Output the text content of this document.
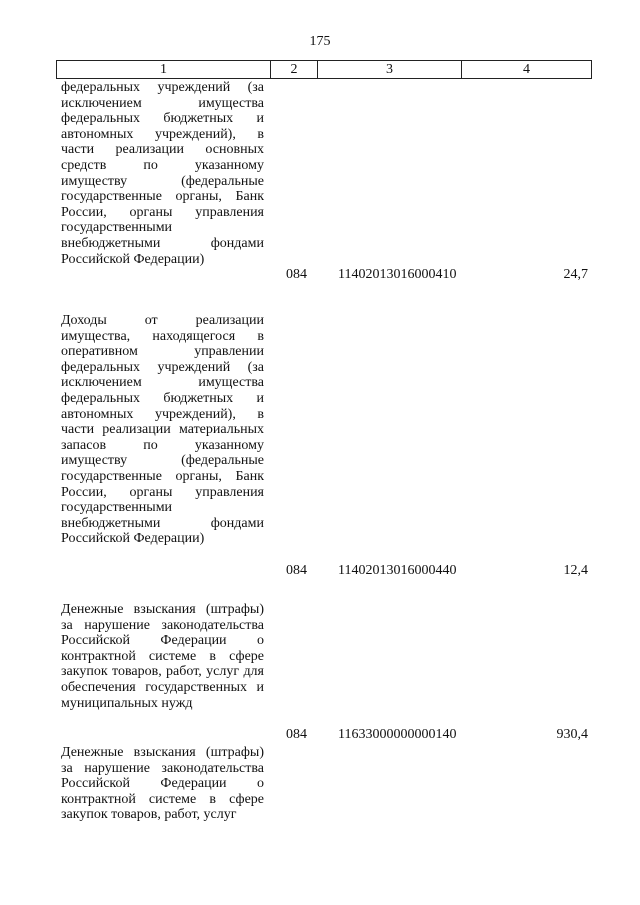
175
1	2	3	4
федеральных учреждений (за исключением имущества федеральных бюджетных и автономных учреждений), в части реализации основных средств по указанному имуществу (федеральные государственные органы, Банк России, органы управления государственными внебюджетными фондами Российской Федерации)
084	11402013016000410	24,7
Доходы от реализации имущества, находящегося в оперативном управлении федеральных учреждений (за исключением имущества федеральных бюджетных и автономных учреждений), в части реализации материальных запасов по указанному имуществу (федеральные государственные органы, Банк России, органы управления государственными внебюджетными фондами Российской Федерации)
084	11402013016000440	12,4
Денежные взыскания (штрафы) за нарушение законодательства Российской Федерации о контрактной системе в сфере закупок товаров, работ, услуг для обеспечения государственных и муниципальных нужд
084	11633000000000140	930,4
Денежные взыскания (штрафы) за нарушение законодательства Российской Федерации о контрактной системе в сфере закупок товаров, работ, услуг
